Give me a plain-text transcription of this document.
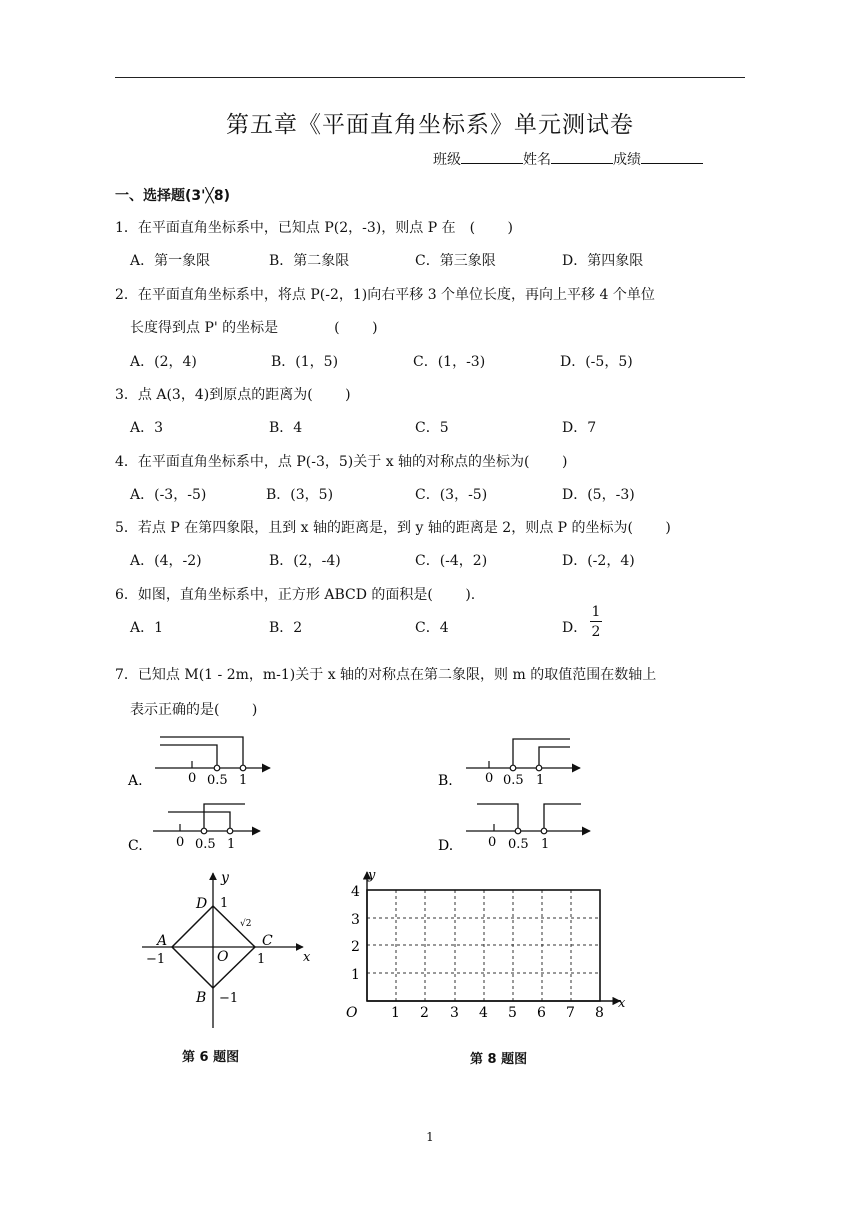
第五章《平面直角坐标系》单元测试卷
班级	姓名	成绩
一、选择题(3'╳8)
1．在平面直角坐标系中，已知点 P(2，-3)，则点 P 在　(　　 )
A．第一象限	B．第二象限	C．第三象限	D．第四象限
2．在平面直角坐标系中，将点 P(-2，1)向右平移 3 个单位长度，再向上平移 4 个单位
长度得到点 P' 的坐标是　　　　(　　 )
A．(2，4)	B．(1，5)	C．(1，-3)	D．(-5，5)
3．点 A(3，4)到原点的距离为(　　 )
A．3	B．4	C．5	D．7
4．在平面直角坐标系中，点 P(-3，5)关于 x 轴的对称点的坐标为(　　 )
A．(-3，-5)	B．(3，5)	C．(3，-5)	D．(5，-3)
5．若点 P 在第四象限，且到 x 轴的距离是，到 y 轴的距离是 2，则点 P 的坐标为(　　 )
A．(4，-2)	B．(2，-4)	C．(-4，2)	D．(-2，4)
6．如图，直角坐标系中，正方形 ABCD 的面积是(　　 ).
A．1	B．2	C．4	D．
1
2
7．已知点 M(1 - 2m，m-1)关于 x 轴的对称点在第二象限，则 m 的取值范围在数轴上
表示正确的是(　　 )
A.	0 0.5 1	B. 0 0.5 1
C.	0 0.5 1	D.	0 0.5 1
y
x
A
B
C
D
O
−1	1
1
−1
√2
第 6 题图
y
x
O
4
3
2
1
1 2 3 4 5 6 7 8
第 8 题图
1
